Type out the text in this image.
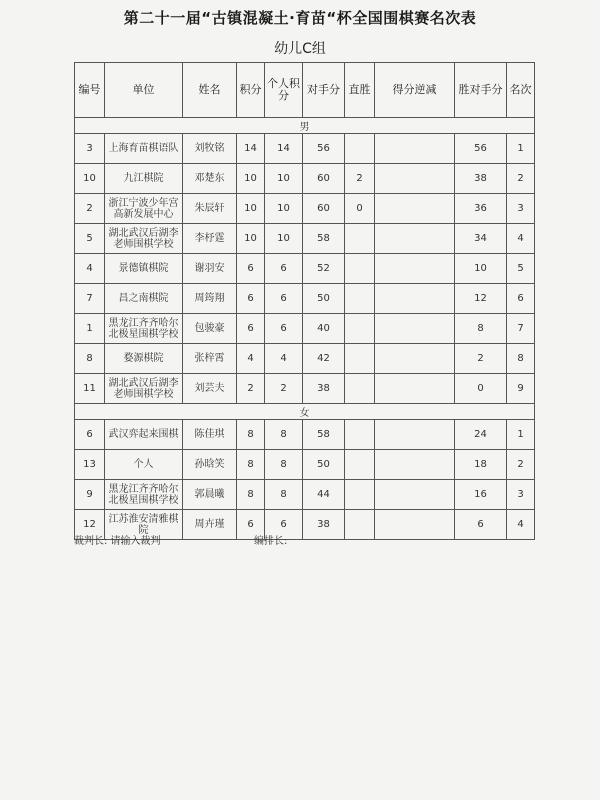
第二十一届“古镇混凝土·育苗“杯全国围棋赛名次表
幼儿C组
编号	单位	姓名	积分	个人积分	对手分	直胜	得分逆减	胜对手分	名次
男									
3	上海育苗棋语队	刘牧铭	14	14	56			56	1
10	九江棋院	邓楚东	10	10	60	2		38	2
2	浙江宁波少年宫高新发展中心	朱辰轩	10	10	60	0		36	3
5	湖北武汉后湖李老师围棋学校	李杼霆	10	10	58			34	4
4	景德镇棋院	谢羽安	6	6	52			10	5
7	昌之南棋院	周筠翔	6	6	50			12	6
1	黑龙江齐齐哈尔北极星围棋学校	包骏豪	6	6	40			8	7
8	婺源棋院	张梓霄	4	4	42			2	8
11	湖北武汉后湖李老师围棋学校	刘芸夫	2	2	38			0	9
女									
6	武汉弈起来围棋	陈佳琪	8	8	58			24	1
13	个人	孙晗笑	8	8	50			18	2
9	黑龙江齐齐哈尔北极星围棋学校	郭晨曦	8	8	44			16	3
12	江苏淮安清雅棋院	周卉瑾	6	6	38			6	4
裁判长: 请输入裁判	编排长:
